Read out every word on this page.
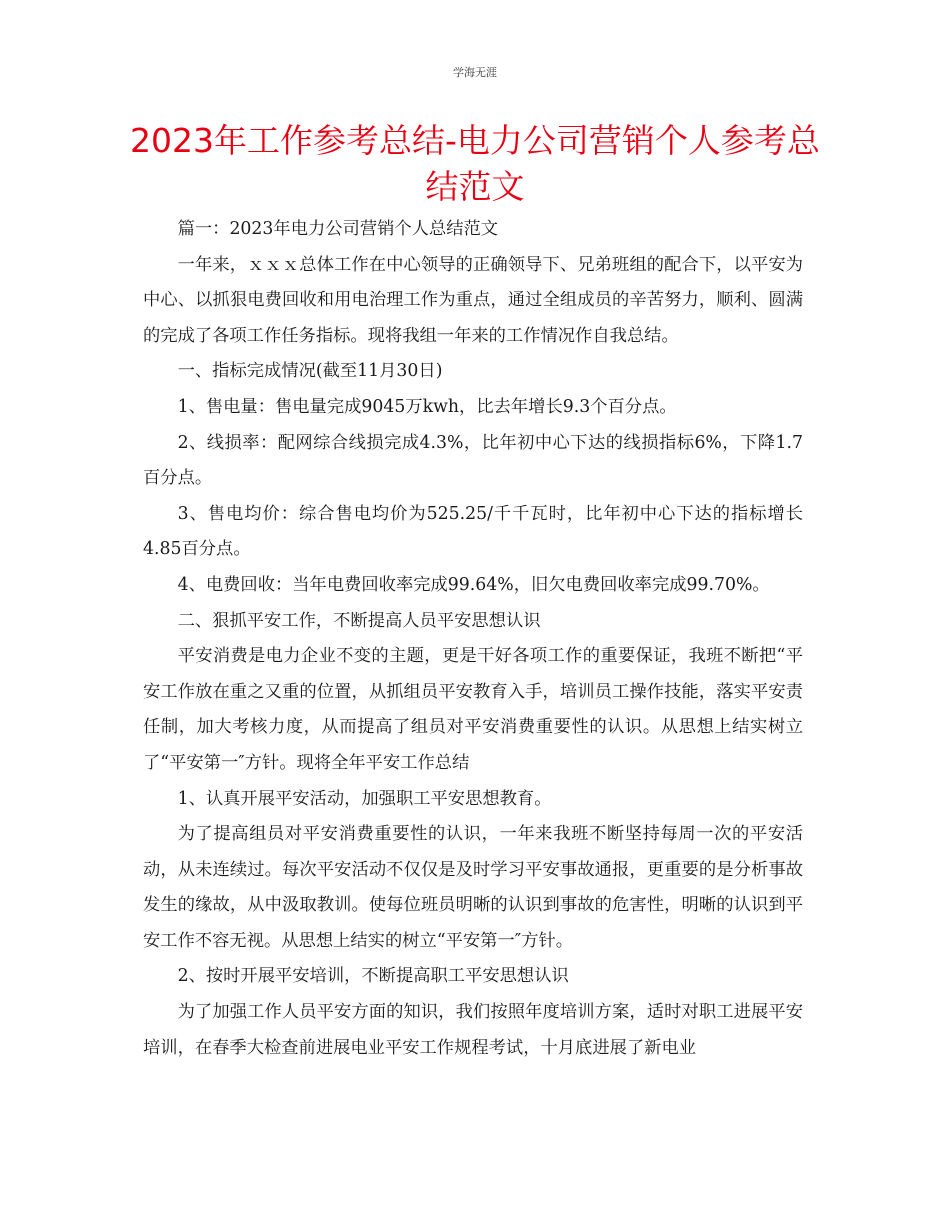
学海无涯
2023年工作参考总结-电力公司营销个人参考总结范文

篇一：2023年电力公司营销个人总结范文

一年来，ｘｘｘ总体工作在中心领导的正确领导下、兄弟班组的配合下，以平安为中心、以抓狠电费回收和用电治理工作为重点，通过全组成员的辛苦努力，顺利、圆满的完成了各项工作任务指标。现将我组一年来的工作情况作自我总结。

一、指标完成情况(截至11月30日)

1、售电量：售电量完成9045万kwh，比去年增长9.3个百分点。

2、线损率：配网综合线损完成4.3%，比年初中心下达的线损指标6%，下降1.7百分点。

3、售电均价：综合售电均价为525.25/千千瓦时，比年初中心下达的指标增长4.85百分点。

4、电费回收：当年电费回收率完成99.64%，旧欠电费回收率完成99.70%。

二、狠抓平安工作，不断提高人员平安思想认识

平安消费是电力企业不变的主题，更是干好各项工作的重要保证，我班不断把“平安工作放在重之又重的位置，从抓组员平安教育入手，培训员工操作技能，落实平安责任制，加大考核力度，从而提高了组员对平安消费重要性的认识。从思想上结实树立了“平安第一″方针。现将全年平安工作总结

1、认真开展平安活动，加强职工平安思想教育。

为了提高组员对平安消费重要性的认识，一年来我班不断坚持每周一次的平安活动，从未连续过。每次平安活动不仅仅是及时学习平安事故通报，更重要的是分析事故发生的缘故，从中汲取教训。使每位班员明晰的认识到事故的危害性，明晰的认识到平安工作不容无视。从思想上结实的树立“平安第一″方针。

2、按时开展平安培训，不断提高职工平安思想认识

为了加强工作人员平安方面的知识，我们按照年度培训方案，适时对职工进展平安培训，在春季大检查前进展电业平安工作规程考试，十月底进展了新电业
